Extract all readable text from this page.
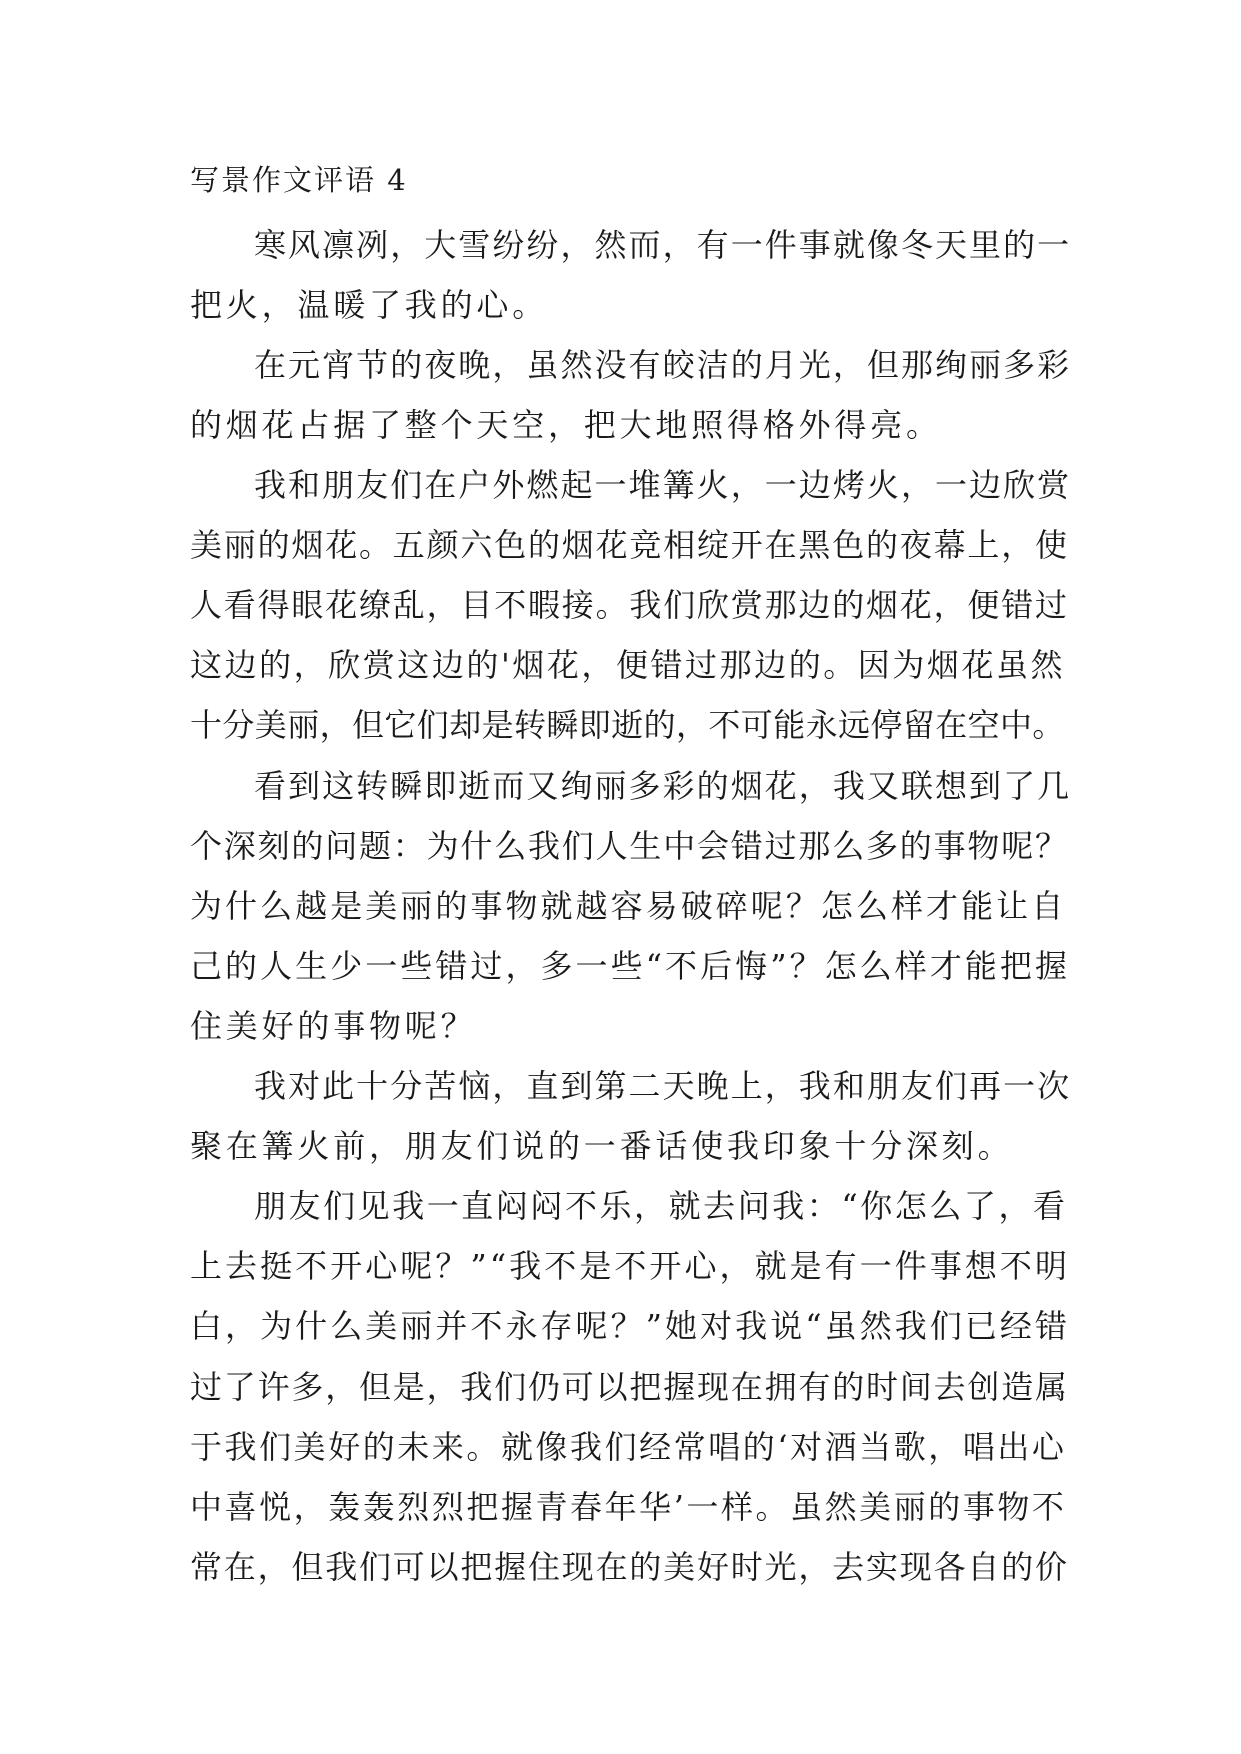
写景作文评语 4
寒风凛冽，大雪纷纷，然而，有一件事就像冬天里的一
把火，温暖了我的心。
在元宵节的夜晚，虽然没有皎洁的月光，但那绚丽多彩
的烟花占据了整个天空，把大地照得格外得亮。
我和朋友们在户外燃起一堆篝火，一边烤火，一边欣赏
美丽的烟花。五颜六色的烟花竞相绽开在黑色的夜幕上，使
人看得眼花缭乱，目不暇接。我们欣赏那边的烟花，便错过
这边的，欣赏这边的'烟花，便错过那边的。因为烟花虽然
十分美丽，但它们却是转瞬即逝的，不可能永远停留在空中。
看到这转瞬即逝而又绚丽多彩的烟花，我又联想到了几
个深刻的问题：为什么我们人生中会错过那么多的事物呢？
为什么越是美丽的事物就越容易破碎呢？怎么样才能让自
己的人生少一些错过，多一些“不后悔”？怎么样才能把握
住美好的事物呢？
我对此十分苦恼，直到第二天晚上，我和朋友们再一次
聚在篝火前，朋友们说的一番话使我印象十分深刻。
朋友们见我一直闷闷不乐，就去问我：“你怎么了，看
上去挺不开心呢？”“我不是不开心，就是有一件事想不明
白，为什么美丽并不永存呢？”她对我说“虽然我们已经错
过了许多，但是，我们仍可以把握现在拥有的时间去创造属
于我们美好的未来。就像我们经常唱的‘对酒当歌，唱出心
中喜悦，轰轰烈烈把握青春年华’一样。虽然美丽的事物不
常在，但我们可以把握住现在的美好时光，去实现各自的价
